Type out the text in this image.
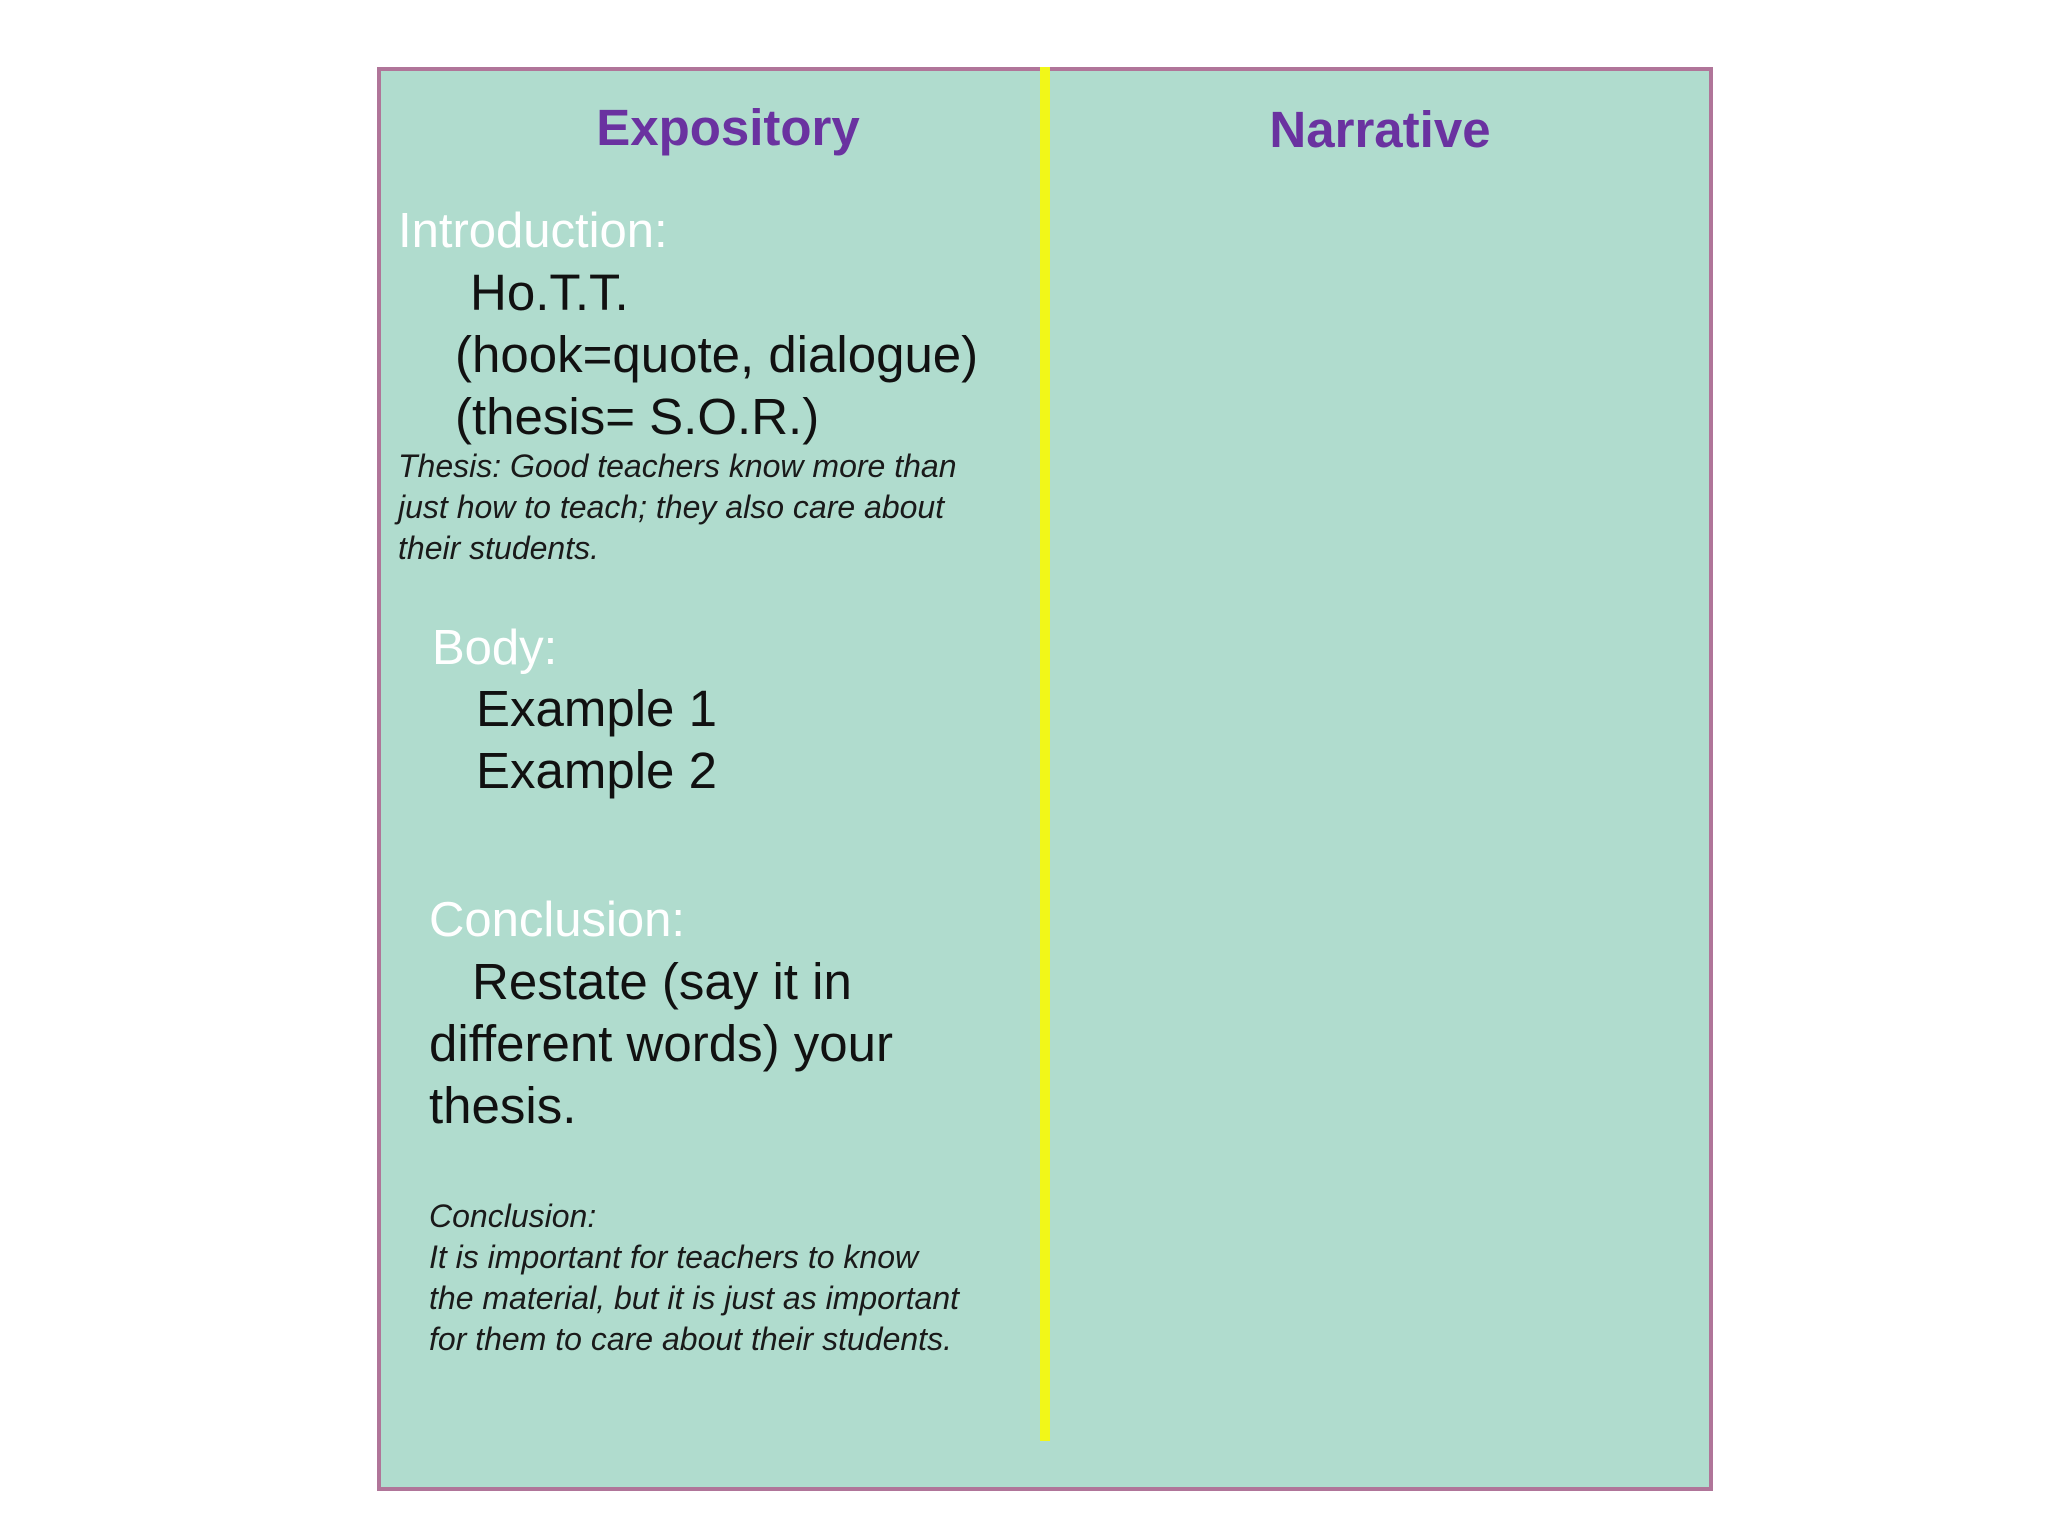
Expository	Narrative
Introduction:
Ho.T.T.
(hook=quote, dialogue)
(thesis= S.O.R.)
Thesis: Good teachers know more than
just how to teach; they also care about
their students.
Body:
Example 1
Example 2
Conclusion:
Restate (say it in
different words) your
thesis.
Conclusion:
It is important for teachers to know
the material, but it is just as important
for them to care about their students.
